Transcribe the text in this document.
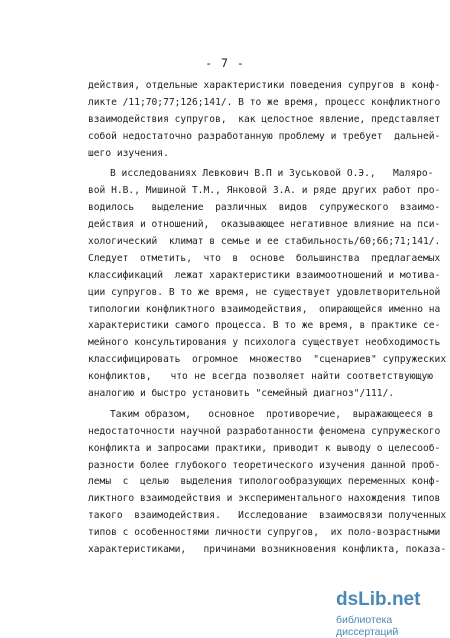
- 7 -
действия, отдельные характеристики поведения супругов в конф-
ликте /11;70;77;126;141/. В то же время, процесс конфликтного
взаимодействия супругов,  как целостное явление, представляет
собой недостаточно разработанную проблему и требует  дальней-
шего изучения.
В исследованиях Левкович В.П и Зуськовой О.Э.,   Маляро-
вой Н.В., Мишиной Т.М., Янковой З.А. и ряде других работ про-
водилось   выделение  различных  видов  супружеского  взаимо-
действия и отношений,  оказывающее негативное влияние на пси-
хологический  климат в семье и ее стабильность/60;66;71;141/.
Следует  отметить,  что  в  основе  большинства  предлагаемых
классификаций  лежат характеристики взаимоотношений и мотива-
ции супругов. В то же время, не существует удовлетворительной
типологии конфликтного взаимодействия,  опирающейся именно на
характеристики самого процесса. В то же время, в практике се-
мейного консультирования у психолога существует необходимость
классифицировать  огромное  множество  "сценариев" супружеских
конфликтов,   что не всегда позволяет найти соответствующую
аналогию и быстро установить "семейный диагноз"/111/.
Таким образом,   основное  противоречие,  выражающееся в
недостаточности научной разработанности феномена супружеского
конфликта и запросами практики, приводит к выводу о целесооб-
разности более глубокого теоретического изучения данной проб-
лемы  с  целью  выделения типологообразующих переменных конф-
ликтного взаимодействия и экспериментального нахождения типов
такого  взаимодействия.   Исследование  взаимосвязи полученных
типов с особенностями личности супругов,  их поло-возрастными
характеристиками,   причинами возникновения конфликта, показа-
dsLib.net
библиотека диссертаций
